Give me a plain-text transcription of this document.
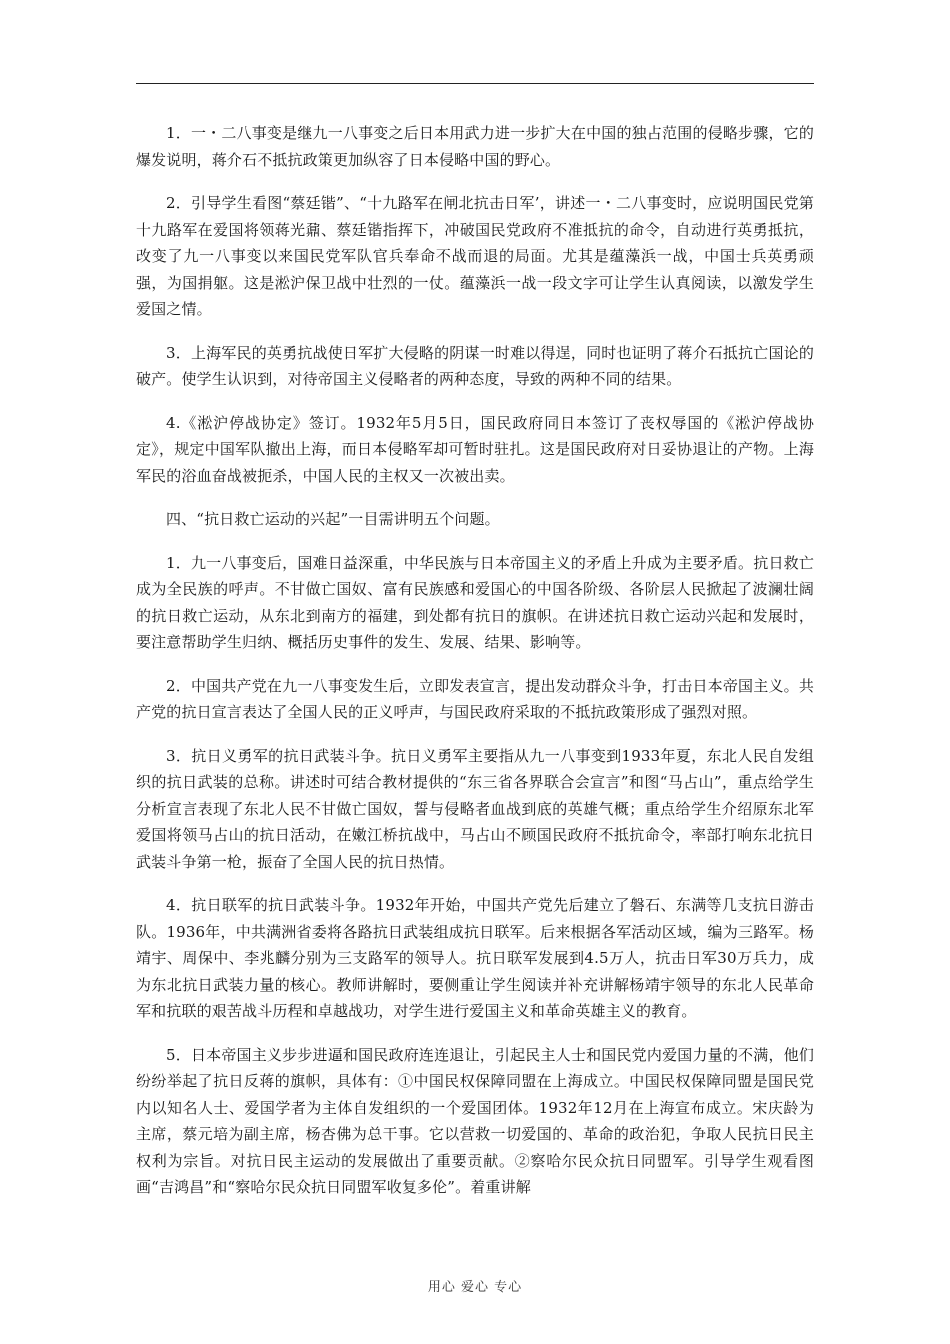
1．一・二八事变是继九一八事变之后日本用武力进一步扩大在中国的独占范围的侵略步骤，它的爆发说明，蒋介石不抵抗政策更加纵容了日本侵略中国的野心。

2．引导学生看图“蔡廷锴”、“十九路军在闸北抗击日军’，讲述一・二八事变时，应说明国民党第十九路军在爱国将领蒋光鼐、蔡廷锴指挥下，冲破国民党政府不准抵抗的命令，自动进行英勇抵抗，改变了九一八事变以来国民党军队官兵奉命不战而退的局面。尤其是蕴藻浜一战，中国士兵英勇顽强，为国捐躯。这是淞沪保卫战中壮烈的一仗。蕴藻浜一战一段文字可让学生认真阅读，以激发学生爱国之情。

3．上海军民的英勇抗战使日军扩大侵略的阴谋一时难以得逞，同时也证明了蒋介石抵抗亡国论的破产。使学生认识到，对待帝国主义侵略者的两种态度，导致的两种不同的结果。

4.《淞沪停战协定》签订。1932年5月5日，国民政府同日本签订了丧权辱国的《淞沪停战协定》，规定中国军队撤出上海，而日本侵略军却可暂时驻扎。这是国民政府对日妥协退让的产物。上海军民的浴血奋战被扼杀，中国人民的主权又一次被出卖。

四、“抗日救亡运动的兴起”一目需讲明五个问题。

1．九一八事变后，国难日益深重，中华民族与日本帝国主义的矛盾上升成为主要矛盾。抗日救亡成为全民族的呼声。不甘做亡国奴、富有民族感和爱国心的中国各阶级、各阶层人民掀起了波澜壮阔的抗日救亡运动，从东北到南方的福建，到处都有抗日的旗帜。在讲述抗日救亡运动兴起和发展时，要注意帮助学生归纳、概括历史事件的发生、发展、结果、影响等。

2．中国共产党在九一八事变发生后，立即发表宣言，提出发动群众斗争，打击日本帝国主义。共产党的抗日宣言表达了全国人民的正义呼声，与国民政府采取的不抵抗政策形成了强烈对照。

3．抗日义勇军的抗日武装斗争。抗日义勇军主要指从九一八事变到1933年夏，东北人民自发组织的抗日武装的总称。讲述时可结合教材提供的“东三省各界联合会宣言”和图“马占山”，重点给学生分析宣言表现了东北人民不甘做亡国奴，誓与侵略者血战到底的英雄气概；重点给学生介绍原东北军爱国将领马占山的抗日活动，在嫩江桥抗战中，马占山不顾国民政府不抵抗命令，率部打响东北抗日武装斗争第一枪，振奋了全国人民的抗日热情。

4．抗日联军的抗日武装斗争。1932年开始，中国共产党先后建立了磐石、东满等几支抗日游击队。1936年，中共满洲省委将各路抗日武装组成抗日联军。后来根据各军活动区域，编为三路军。杨靖宇、周保中、李兆麟分别为三支路军的领导人。抗日联军发展到4.5万人，抗击日军30万兵力，成为东北抗日武装力量的核心。教师讲解时，要侧重让学生阅读并补充讲解杨靖宇领导的东北人民革命军和抗联的艰苦战斗历程和卓越战功，对学生进行爱国主义和革命英雄主义的教育。

5．日本帝国主义步步进逼和国民政府连连退让，引起民主人士和国民党内爱国力量的不满，他们纷纷举起了抗日反蒋的旗帜，具体有：①中国民权保障同盟在上海成立。中国民权保障同盟是国民党内以知名人士、爱国学者为主体自发组织的一个爱国团体。1932年12月在上海宣布成立。宋庆龄为主席，蔡元培为副主席，杨杏佛为总干事。它以营救一切爱国的、革命的政治犯，争取人民抗日民主权利为宗旨。对抗日民主运动的发展做出了重要贡献。②察哈尔民众抗日同盟军。引导学生观看图画“吉鸿昌”和“察哈尔民众抗日同盟军收复多伦”。着重讲解

用心 爱心 专心
